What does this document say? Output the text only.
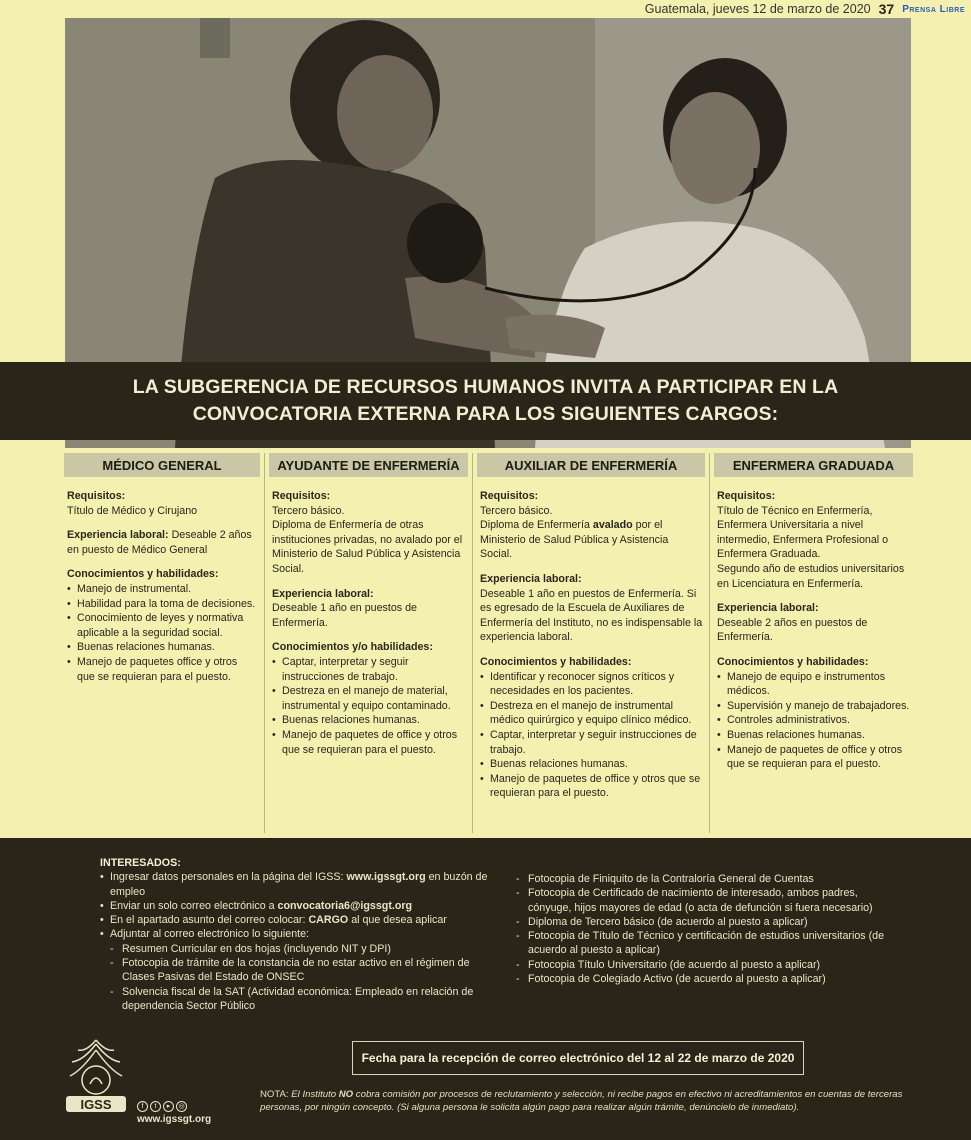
Guatemala, jueves 12 de marzo de 2020 37 Prensa Libre
LA SUBGERENCIA DE RECURSOS HUMANOS INVITA A PARTICIPAR EN LA
CONVOCATORIA EXTERNA PARA LOS SIGUIENTES CARGOS:
MÉDICO GENERAL

Requisitos:

Título de Médico y Cirujano

Experiencia laboral: Deseable 2 años en puesto de Médico General

Conocimientos y habilidades:

• Manejo de instrumental.
• Habilidad para la toma de decisiones.
• Conocimiento de leyes y normativa aplicable a la seguridad social.
• Buenas relaciones humanas.
• Manejo de paquetes office y otros que se requieran para el puesto.
AYUDANTE DE ENFERMERÍA

Requisitos:

Tercero básico.

Diploma de Enfermería de otras instituciones privadas, no avalado por el Ministerio de Salud Pública y Asistencia Social.

Experiencia laboral:

Deseable 1 año en puestos de Enfermería.

Conocimientos y/o habilidades:

• Captar, interpretar y seguir instrucciones de trabajo.
• Destreza en el manejo de material, instrumental y equipo contaminado.
• Buenas relaciones humanas.
• Manejo de paquetes de office y otros que se requieran para el puesto.
AUXILIAR DE ENFERMERÍA

Requisitos:

Tercero básico.

Diploma de Enfermería avalado por el Ministerio de Salud Pública y Asistencia Social.

Experiencia laboral:

Deseable 1 año en puestos de Enfermería. Si es egresado de la Escuela de Auxiliares de Enfermería del Instituto, no es indispensable la experiencia laboral.

Conocimientos y habilidades:

• Identificar y reconocer signos críticos y necesidades en los pacientes.
• Destreza en el manejo de instrumental médico quirúrgico y equipo clínico médico.
• Captar, interpretar y seguir instrucciones de trabajo.
• Buenas relaciones humanas.
• Manejo de paquetes de office y otros que se requieran para el puesto.
ENFERMERA GRADUADA

Requisitos:

Título de Técnico en Enfermería, Enfermera Universitaria a nivel intermedio, Enfermera Profesional o Enfermera Graduada.

Segundo año de estudios universitarios en Licenciatura en Enfermería.

Experiencia laboral:

Deseable 2 años en puestos de Enfermería.

Conocimientos y habilidades:

• Manejo de equipo e instrumentos médicos.
• Supervisión y manejo de trabajadores.
• Controles administrativos.
• Buenas relaciones humanas.
• Manejo de paquetes de office y otros que se requieran para el puesto.

INTERESADOS:

• Ingresar datos personales en la página del IGSS: www.igssgt.org en buzón de empleo
• Enviar un solo correo electrónico a convocatoria6@igssgt.org
• En el apartado asunto del correo colocar: CARGO al que desea aplicar
• Adjuntar al correo electrónico lo siguiente:
- Resumen Curricular en dos hojas (incluyendo NIT y DPI)
- Fotocopia de trámite de la constancia de no estar activo en el régimen de Clases Pasivas del Estado de ONSEC
- Solvencia fiscal de la SAT (Actividad económica: Empleado en relación de dependencia Sector Público
- Fotocopia de Finiquito de la Contraloría General de Cuentas
- Fotocopia de Certificado de nacimiento de interesado, ambos padres, cónyuge, hijos mayores de edad (o acta de defunción si fuera necesario)
- Diploma de Tercero básico (de acuerdo al puesto a aplicar)
- Fotocopia de Título de Técnico y certificación de estudios universitarios (de acuerdo al puesto a aplicar)
- Fotocopia Título Universitario (de acuerdo al puesto a aplicar)
- Fotocopia de Colegiado Activo (de acuerdo al puesto a aplicar)
Fecha para la recepción de correo electrónico del 12 al 22 de marzo de 2020
NOTA: El Instituto NO cobra comisión por procesos de reclutamiento y selección, ni recibe pagos en efectivo ni acreditamientos en cuentas de terceras personas, por ningún concepto. (Si alguna persona le solicita algún pago para realizar algún trámite, denúncielo de inmediato).
IGSS	f	t	▸	◎
www.igssgt.org
